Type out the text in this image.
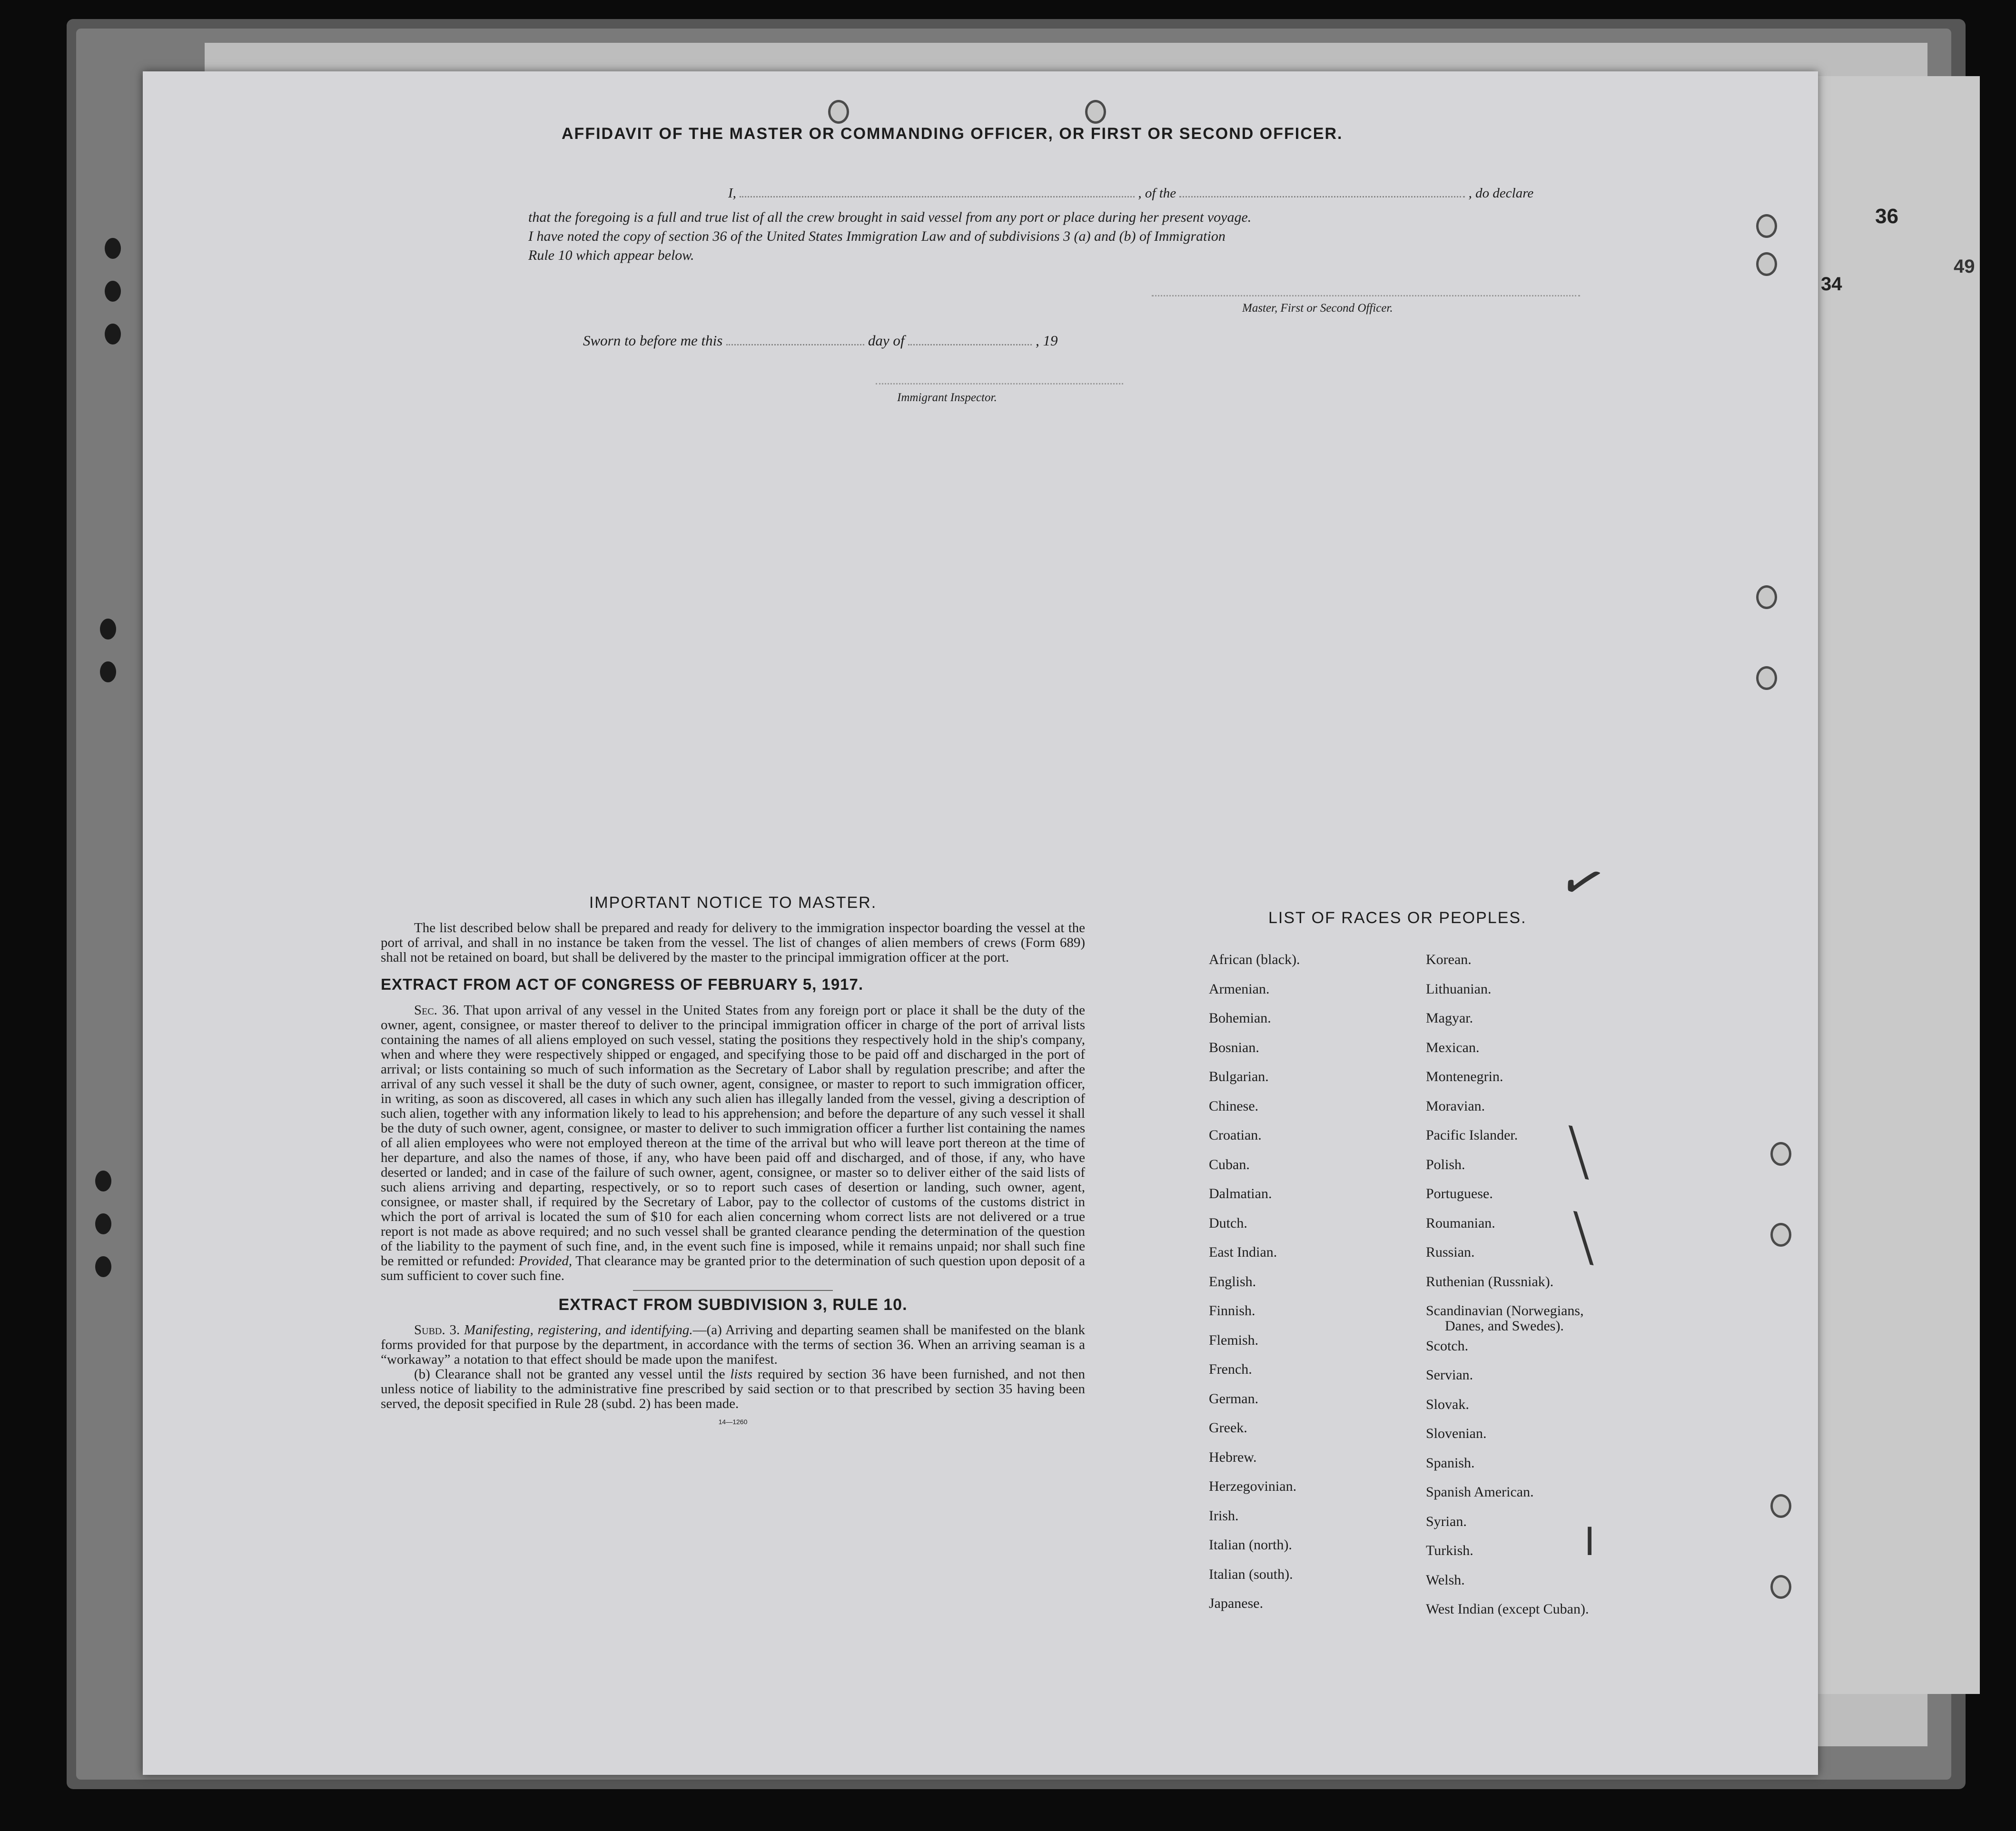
36
34
49
AFFIDAVIT OF THE MASTER OR COMMANDING OFFICER, OR FIRST OR SECOND OFFICER.
I,	, of the	, do declare
that the foregoing is a full and true list of all the crew brought in said vessel from any port or place during her present voyage.
I have noted the copy of section 36 of the United States Immigration Law and of subdivisions 3 (a) and (b) of Immigration
Rule 10 which appear below.
Master, First or Second Officer.
Sworn to before me this	day of	, 19
Immigrant Inspector.
IMPORTANT NOTICE TO MASTER.

The list described below shall be prepared and ready for delivery to the immigration inspector boarding the vessel at the port of arrival, and shall in no instance be taken from the vessel. The list of changes of alien members of crews (Form 689) shall not be retained on board, but shall be delivered by the master to the principal immigration officer at the port.

EXTRACT FROM ACT OF CONGRESS OF FEBRUARY 5, 1917.

Sec. 36. That upon arrival of any vessel in the United States from any foreign port or place it shall be the duty of the owner, agent, consignee, or master thereof to deliver to the principal immigration officer in charge of the port of arrival lists containing the names of all aliens employed on such vessel, stating the positions they respectively hold in the ship's company, when and where they were respectively shipped or engaged, and specifying those to be paid off and discharged in the port of arrival; or lists containing so much of such information as the Secretary of Labor shall by regulation prescribe; and after the arrival of any such vessel it shall be the duty of such owner, agent, consignee, or master to report to such immigration officer, in writing, as soon as discovered, all cases in which any such alien has illegally landed from the vessel, giving a description of such alien, together with any information likely to lead to his apprehension; and before the departure of any such vessel it shall be the duty of such owner, agent, consignee, or master to deliver to such immigration officer a further list containing the names of all alien employees who were not employed thereon at the time of the arrival but who will leave port thereon at the time of her departure, and also the names of those, if any, who have been paid off and discharged, and of those, if any, who have deserted or landed; and in case of the failure of such owner, agent, consignee, or master so to deliver either of the said lists of such aliens arriving and departing, respectively, or so to report such cases of desertion or landing, such owner, agent, consignee, or master shall, if required by the Secretary of Labor, pay to the collector of customs of the customs district in which the port of arrival is located the sum of $10 for each alien concerning whom correct lists are not delivered or a true report is not made as above required; and no such vessel shall be granted clearance pending the determination of the question of the liability to the payment of such fine, and, in the event such fine is imposed, while it remains unpaid; nor shall such fine be remitted or refunded: Provided, That clearance may be granted prior to the determination of such question upon deposit of a sum sufficient to cover such fine.

EXTRACT FROM SUBDIVISION 3, RULE 10.

Subd. 3. Manifesting, registering, and identifying.—(a) Arriving and departing seamen shall be manifested on the blank forms provided for that purpose by the department, in accordance with the terms of section 36. When an arriving seaman is a “workaway” a notation to that effect should be made upon the manifest.

(b) Clearance shall not be granted any vessel until the lists required by section 36 have been furnished, and not then unless notice of liability to the administrative fine prescribed by said section or to that prescribed by section 35 having been served, the deposit specified in Rule 28 (subd. 2) has been made.

14—1260
LIST OF RACES OR PEOPLES.
African (black).
Armenian.
Bohemian.
Bosnian.
Bulgarian.
Chinese.
Croatian.
Cuban.
Dalmatian.
Dutch.
East Indian.
English.
Finnish.
Flemish.
French.
German.
Greek.
Hebrew.
Herzegovinian.
Irish.
Italian (north).
Italian (south).
Japanese.
Korean.
Lithuanian.
Magyar.
Mexican.
Montenegrin.
Moravian.
Pacific Islander.
Polish.
Portuguese.
Roumanian.
Russian.
Ruthenian (Russniak).
Scandinavian (Norwegians,
Danes, and Swedes).
Scotch.
Servian.
Slovak.
Slovenian.
Spanish.
Spanish American.
Syrian.
Turkish.
Welsh.
West Indian (except Cuban).
✓
╲
╲
╷
